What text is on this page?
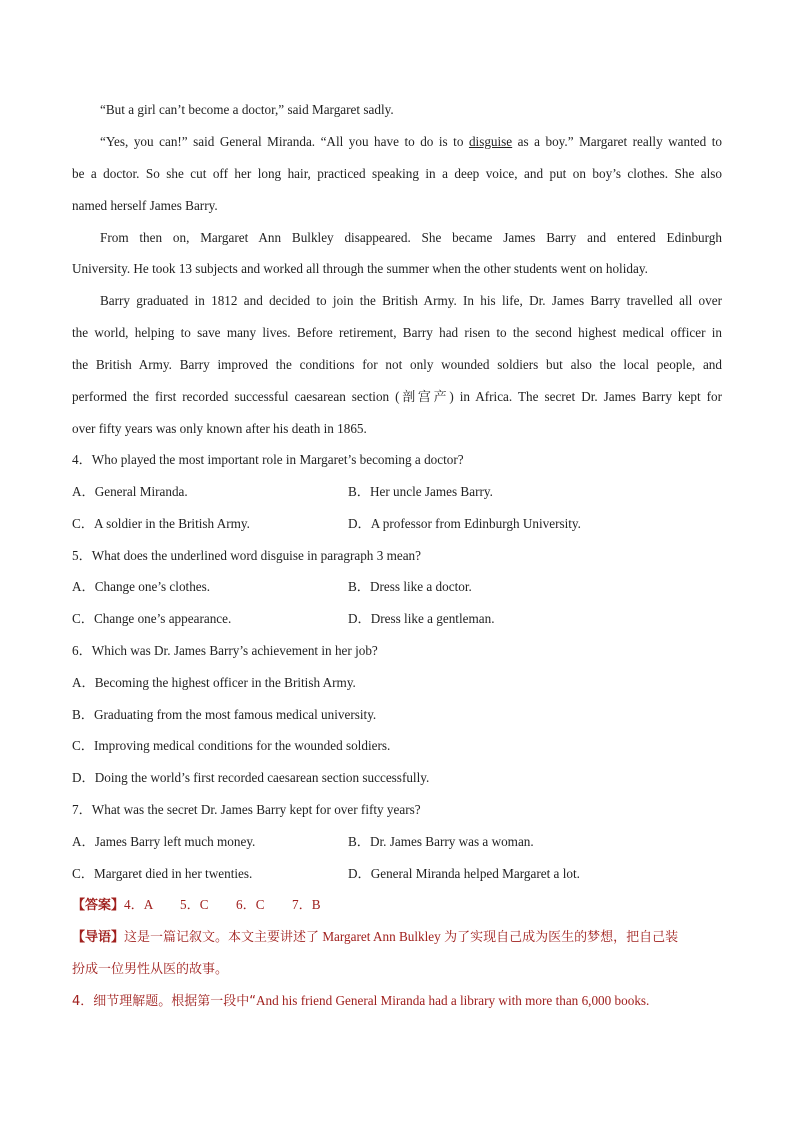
“But a girl can’t become a doctor,” said Margaret sadly.
“Yes, you can!” said General Miranda. “All you have to do is to disguise as a boy.” Margaret really wanted to
be a doctor. So she cut off her long hair, practiced speaking in a deep voice, and put on boy’s clothes. She also
named herself James Barry.
From then on, Margaret Ann Bulkley disappeared. She became James Barry and entered Edinburgh
University. He took 13 subjects and worked all through the summer when the other students went on holiday.
Barry graduated in 1812 and decided to join the British Army. In his life, Dr. James Barry travelled all over
the world, helping to save many lives. Before retirement, Barry had risen to the second highest medical officer in
the British Army. Barry improved the conditions for not only wounded soldiers but also the local people, and
performed the first recorded successful caesarean section (剖宫产) in Africa. The secret Dr. James Barry kept for
over fifty years was only known after his death in 1865.
4．Who played the most important role in Margaret’s becoming a doctor?
A．General Miranda.	B．Her uncle James Barry.
C．A soldier in the British Army.	D．A professor from Edinburgh University.
5．What does the underlined word disguise in paragraph 3 mean?
A．Change one’s clothes.	B．Dress like a doctor.
C．Change one’s appearance.	D．Dress like a gentleman.
6．Which was Dr. James Barry’s achievement in her job?
A．Becoming the highest officer in the British Army.
B．Graduating from the most famous medical university.
C．Improving medical conditions for the wounded soldiers.
D．Doing the world’s first recorded caesarean section successfully.
7．What was the secret Dr. James Barry kept for over fifty years?
A．James Barry left much money.	B．Dr. James Barry was a woman.
C．Margaret died in her twenties.	D．General Miranda helped Margaret a lot.
【答案】4．A 5．C 6．C 7．B
【导语】这是一篇记叙文。本文主要讲述了 Margaret Ann Bulkley 为了实现自己成为医生的梦想，把自己装
扮成一位男性从医的故事。
4．细节理解题。根据第一段中“And his friend General Miranda had a library with more than 6,000 books.
